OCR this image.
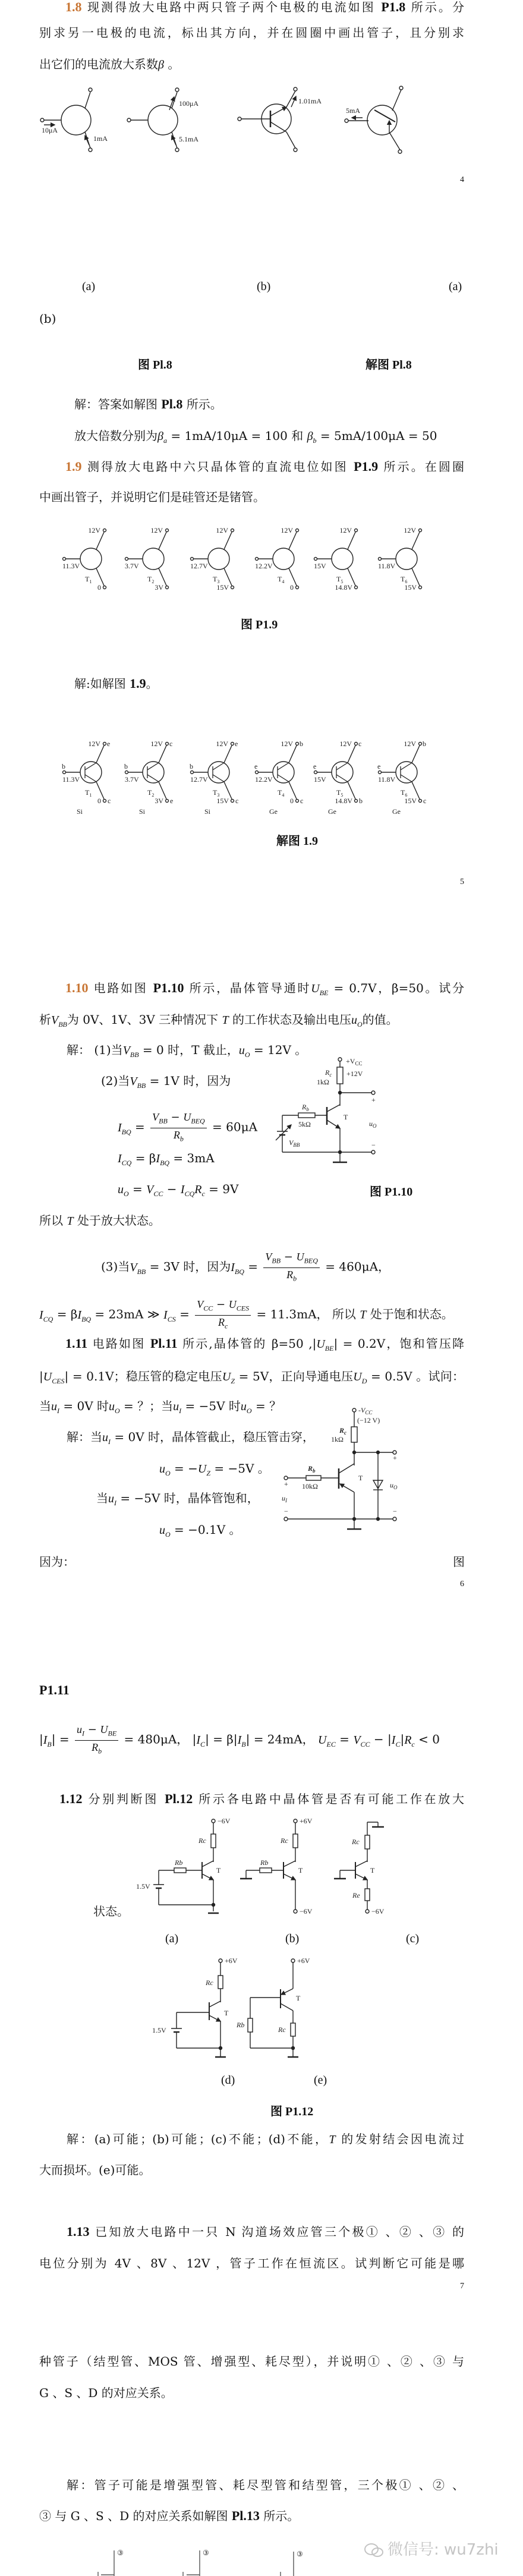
10μA
1mA
100μA
5.1mA
1.01mA
5mA
$+V_{CC}$
+12V
$R_c$
1kΩ
$R_b$
5kΩ
T
$V_{BB}$
+
$u_O$
−
$-V_{CC}$
(−12 V)
$R_c$
1kΩ
$R_b$
10kΩ
T
+
+
−	−
$u_O$
$u_I$
−6V
Rc
Rb
T
1.5V
+6V
Rc
Rb
T
−6V
Rc
T
Re
−6V
+6V
Rc
T
1.5V
+6V
T
Rb
Rc
③	③	③
12V
11.3V
0
$T_1$
12V
3.7V
3V
$T_2$
12V
12.7V
15V
$T_3$
12V
12.2V
0
$T_4$
12V
15V
14.8V
$T_5$
12V
11.8V
15V
$T_6$
12V
11.3V
0
$T_1$
e
b
c
Si
12V
3.7V
3V
$T_2$
c
b
e
Si
12V
12.7V
15V
$T_3$
e
b
c
Si
12V
12.2V
0
$T_4$
b
e
c
Ge
12V
15V
14.8V
$T_5$
c
e
b
Ge
12V
11.8V
15V
$T_6$
b
e
c
Ge
1.8 现测得放大电路中两只管子两个电极的电流如图 P1.8 所示。分
别求另一电极的电流，标出其方向，并在圆圈中画出管子，且分别求
出它们的电流放大系数β 。
(b)
解：答案如解图 Pl.8 所示。
放大倍数分别为$\beta_a = 1mA/10\mu A = 100$ 和 $\beta_b = 5mA/100\mu A = 50$
1.9 测得放大电路中六只晶体管的直流电位如图 P1.9 所示。在圆圈
中画出管子，并说明它们是硅管还是锗管。
解:如解图 1.9。
1.10 电路如图 P1.10 所示，晶体管导通时$U_{BE} = 0.7V$，β=50。试分
析$V_{BB}$为 0V、1V、3V 三种情况下 T 的工作状态及输出电压$u_O$的值。
解： (1)当$V_{BB} = 0$ 时，T 截止，$u_O = 12V$ 。
(2)当$V_{BB} = 1V$ 时，因为
$I_{BQ} = \frac{V_{BB} - U_{BEQ}}{R_b} = 60\mu A$
$I_{CQ} = \beta I_{BQ} = 3mA$
$u_O = V_{CC} - I_{CQ}R_c = 9V$
所以 T 处于放大状态。
(3)当$V_{BB} = 3V$ 时，因为$I_{BQ} = \frac{V_{BB} - U_{BEQ}}{R_b} = 460\mu A$，
$I_{CQ} = \beta I_{BQ} = 23mA$ ≫ $I_{CS} = \frac{V_{CC} - U_{CES}}{R_c} = 11.3mA$， 所以 T 处于饱和状态。
1.11 电路如图 Pl.11 所示,晶体管的 β=50 $,|U_{BE}| = 0.2V$，饱和管压降
$|U_{CES}| = 0.1V$；稳压管的稳定电压$U_Z = 5V$，正向导通电压$U_D = 0.5V$ 。试问：
当$u_I = 0V$ 时$u_O$ = ？；当$u_I = -5V$ 时$u_O$ = ？
解：当$u_I = 0V$ 时，晶体管截止，稳压管击穿，
$u_O = -U_Z = -5V$ 。
当$u_I = -5V$ 时，晶体管饱和，
$u_O = -0.1V$ 。
因为：	图
P1.11
$|I_B| = \frac{u_I - U_{BE}}{R_b} = 480\mu A$， $|I_C| = \beta|I_B| = 24mA$， $U_{EC} = V_{CC} - |I_C|R_c < 0$
1.12 分别判断图 Pl.12 所示各电路中晶体管是否有可能工作在放大
状态。
解：(a)可能；(b)可能；(c)不能；(d)不能，T 的发射结会因电流过
大而损坏。(e)可能。
1.13 已知放大电路中一只 N 沟道场效应管三个极① 、② 、③ 的
电位分别为 4V 、8V 、12V ，管子工作在恒流区。试判断它可能是哪
种管子（结型管、MOS 管、增强型、耗尽型），并说明① 、② 、③ 与
G 、S 、D 的对应关系。
解：管子可能是增强型管、耗尽型管和结型管，三个极① 、② 、
③ 与 G 、S 、D 的对应关系如解图 Pl.13 所示。
(a)	(b)	(a)
图 Pl.8	解图 Pl.8
图 P1.9
解图 1.9
图 P1.10
(a)	(b)	(c)
(d)	(e)
图 P1.12
4
5
6
7
微信号: wu7zhi
